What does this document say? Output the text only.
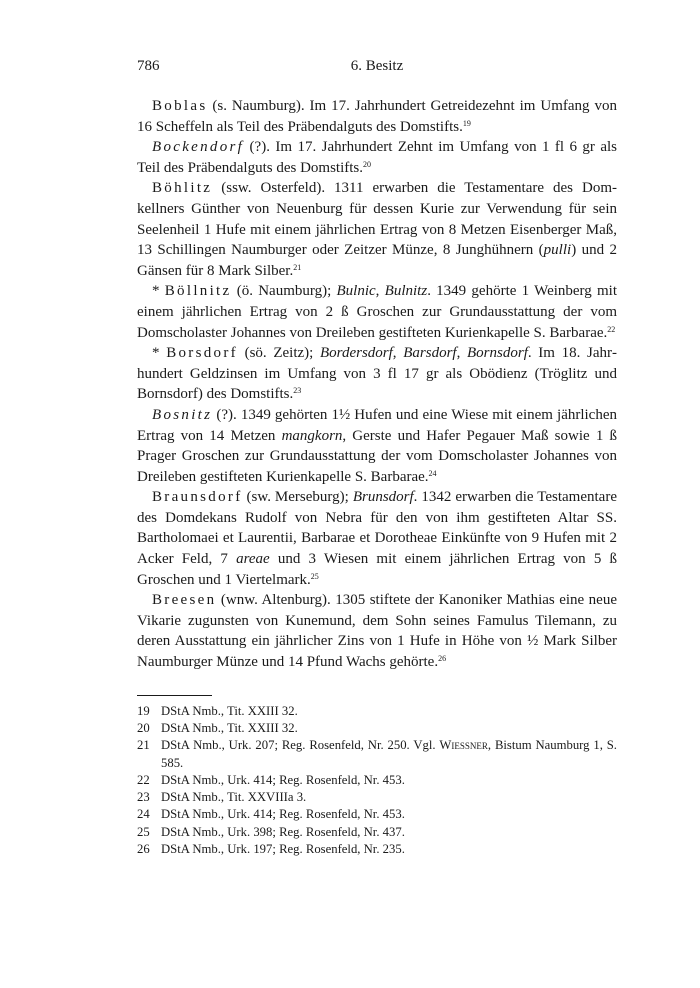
786	6. Besitz

Boblas (s. Naumburg). Im 17. Jahrhundert Getreidezehnt im Umfang von 16 Scheffeln als Teil des Präbendalguts des Domstifts.$^{19}$

Bockendorf (?). Im 17. Jahrhundert Zehnt im Umfang von 1 fl 6 gr als Teil des Präbendalguts des Domstifts.$^{20}$

Böhlitz (ssw. Osterfeld). 1311 erwarben die Testamentare des Domkellners Günther von Neuenburg für dessen Kurie zur Verwendung für sein Seelenheil 1 Hufe mit einem jährlichen Ertrag von 8 Metzen Eisenberger Maß, 13 Schillingen Naumburger oder Zeitzer Münze, 8 Junghühnern (pulli) und 2 Gänsen für 8 Mark Silber.$^{21}$

* Böllnitz (ö. Naumburg); Bulnic, Bulnitz. 1349 gehörte 1 Weinberg mit einem jährlichen Ertrag von 2 ß Groschen zur Grundausstattung der vom Domscholaster Johannes von Dreileben gestifteten Kurienkapelle S. Barbarae.$^{22}$

* Borsdorf (sö. Zeitz); Bordersdorf, Barsdorf, Bornsdorf. Im 18. Jahrhundert Geldzinsen im Umfang von 3 fl 17 gr als Obödienz (Tröglitz und Bornsdorf) des Domstifts.$^{23}$

Bosnitz (?). 1349 gehörten 1½ Hufen und eine Wiese mit einem jährlichen Ertrag von 14 Metzen mangkorn, Gerste und Hafer Pegauer Maß sowie 1 ß Prager Groschen zur Grundausstattung der vom Domscholaster Johannes von Dreileben gestifteten Kurienkapelle S. Barbarae.$^{24}$

Braunsdorf (sw. Merseburg); Brunsdorf. 1342 erwarben die Testamentare des Domdekans Rudolf von Nebra für den von ihm gestifteten Altar SS. Bartholomaei et Laurentii, Barbarae et Dorotheae Einkünfte von 9 Hufen mit 2 Acker Feld, 7 areae und 3 Wiesen mit einem jährlichen Ertrag von 5 ß Groschen und 1 Viertelmark.$^{25}$

Breesen (wnw. Altenburg). 1305 stiftete der Kanoniker Mathias eine neue Vikarie zugunsten von Kunemund, dem Sohn seines Famulus Tilemann, zu deren Ausstattung ein jährlicher Zins von 1 Hufe in Höhe von ½ Mark Silber Naumburger Münze und 14 Pfund Wachs gehörte.$^{26}$

19 DStA Nmb., Tit. XXIII 32.
20 DStA Nmb., Tit. XXIII 32.
21 DStA Nmb., Urk. 207; Reg. Rosenfeld, Nr. 250. Vgl. Wiessner, Bistum Naumburg 1, S. 585.
22 DStA Nmb., Urk. 414; Reg. Rosenfeld, Nr. 453.
23 DStA Nmb., Tit. XXVIIIa 3.
24 DStA Nmb., Urk. 414; Reg. Rosenfeld, Nr. 453.
25 DStA Nmb., Urk. 398; Reg. Rosenfeld, Nr. 437.
26 DStA Nmb., Urk. 197; Reg. Rosenfeld, Nr. 235.
